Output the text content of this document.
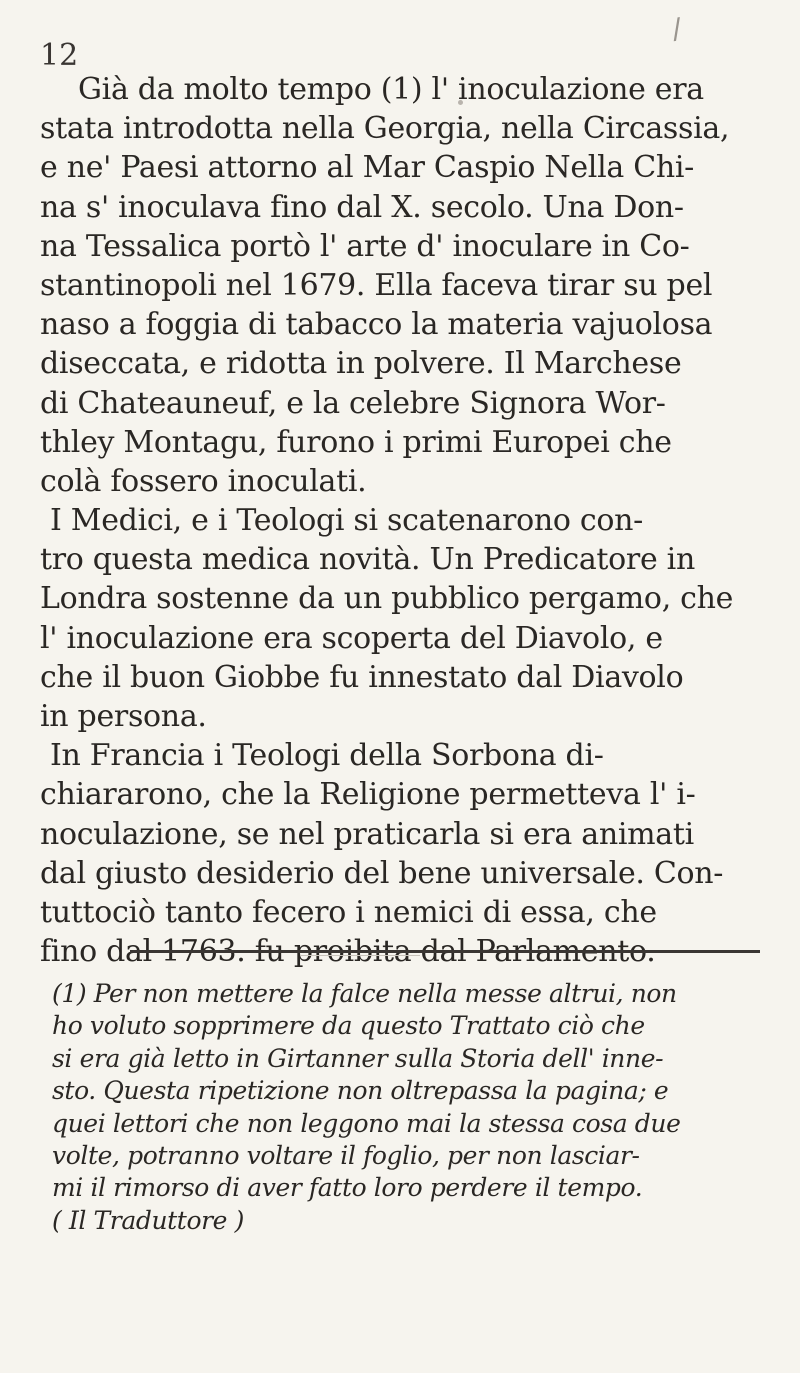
12
/
Già da molto tempo (1) l' inoculazione era
stata introdotta nella Georgia, nella Circassia,
e ne' Paesi attorno al Mar Caspio Nella Chi-
na s' inoculava fino dal X. secolo. Una Don-
na Tessalica portò l' arte d' inoculare in Co-
stantinopoli nel 1679. Ella faceva tirar su pel
naso a foggia di tabacco la materia vajuolosa
diseccata, e ridotta in polvere. Il Marchese
di Chateauneuf, e la celebre Signora Wor-
thley Montagu, furono i primi Europei che
colà fossero inoculati.
I Medici, e i Teologi si scatenarono con-
tro questa medica novità. Un Predicatore in
Londra sostenne da un pubblico pergamo, che
l' inoculazione era scoperta del Diavolo, e
che il buon Giobbe fu innestato dal Diavolo
in persona.
In Francia i Teologi della Sorbona di-
chiararono, che la Religione permetteva l' i-
noculazione, se nel praticarla si era animati
dal giusto desiderio del bene universale. Con-
tuttociò tanto fecero i nemici di essa, che
fino dal 1763. fu proibita dal Parlamento.
(1) Per non mettere la falce nella messe altrui, non
ho voluto sopprimere da questo Trattato ciò che
si era già letto in Girtanner sulla Storia dell' inne-
sto. Questa ripetizione non oltrepassa la pagina; e
quei lettori che non leggono mai la stessa cosa due
volte, potranno voltare il foglio, per non lasciar-
mi il rimorso di aver fatto loro perdere il tempo.
( Il Traduttore )
